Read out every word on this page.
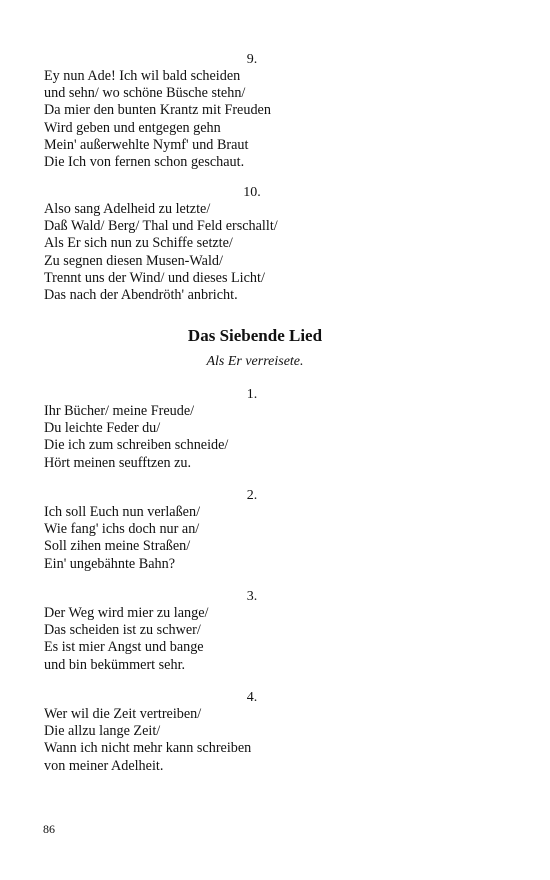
9.
Ey nun Ade! Ich wil bald scheiden
und sehn/ wo schöne Büsche stehn/
Da mier den bunten Krantz mit Freuden
Wird geben und entgegen gehn
Mein' außerwehlte Nymf' und Braut
Die Ich von fernen schon geschaut.
10.
Also sang Adelheid zu letzte/
Daß Wald/ Berg/ Thal und Feld erschallt/
Als Er sich nun zu Schiffe setzte/
Zu segnen diesen Musen-Wald/
Trennt uns der Wind/ und dieses Licht/
Das nach der Abendröth' anbricht.
Das Siebende Lied
Als Er verreisete.
1.
Ihr Bücher/ meine Freude/
Du leichte Feder du/
Die ich zum schreiben schneide/
Hört meinen seufftzen zu.
2.
Ich soll Euch nun verlaßen/
Wie fang' ichs doch nur an/
Soll zihen meine Straßen/
Ein' ungebähnte Bahn?
3.
Der Weg wird mier zu lange/
Das scheiden ist zu schwer/
Es ist mier Angst und bange
und bin bekümmert sehr.
4.
Wer wil die Zeit vertreiben/
Die allzu lange Zeit/
Wann ich nicht mehr kann schreiben
von meiner Adelheit.
86
